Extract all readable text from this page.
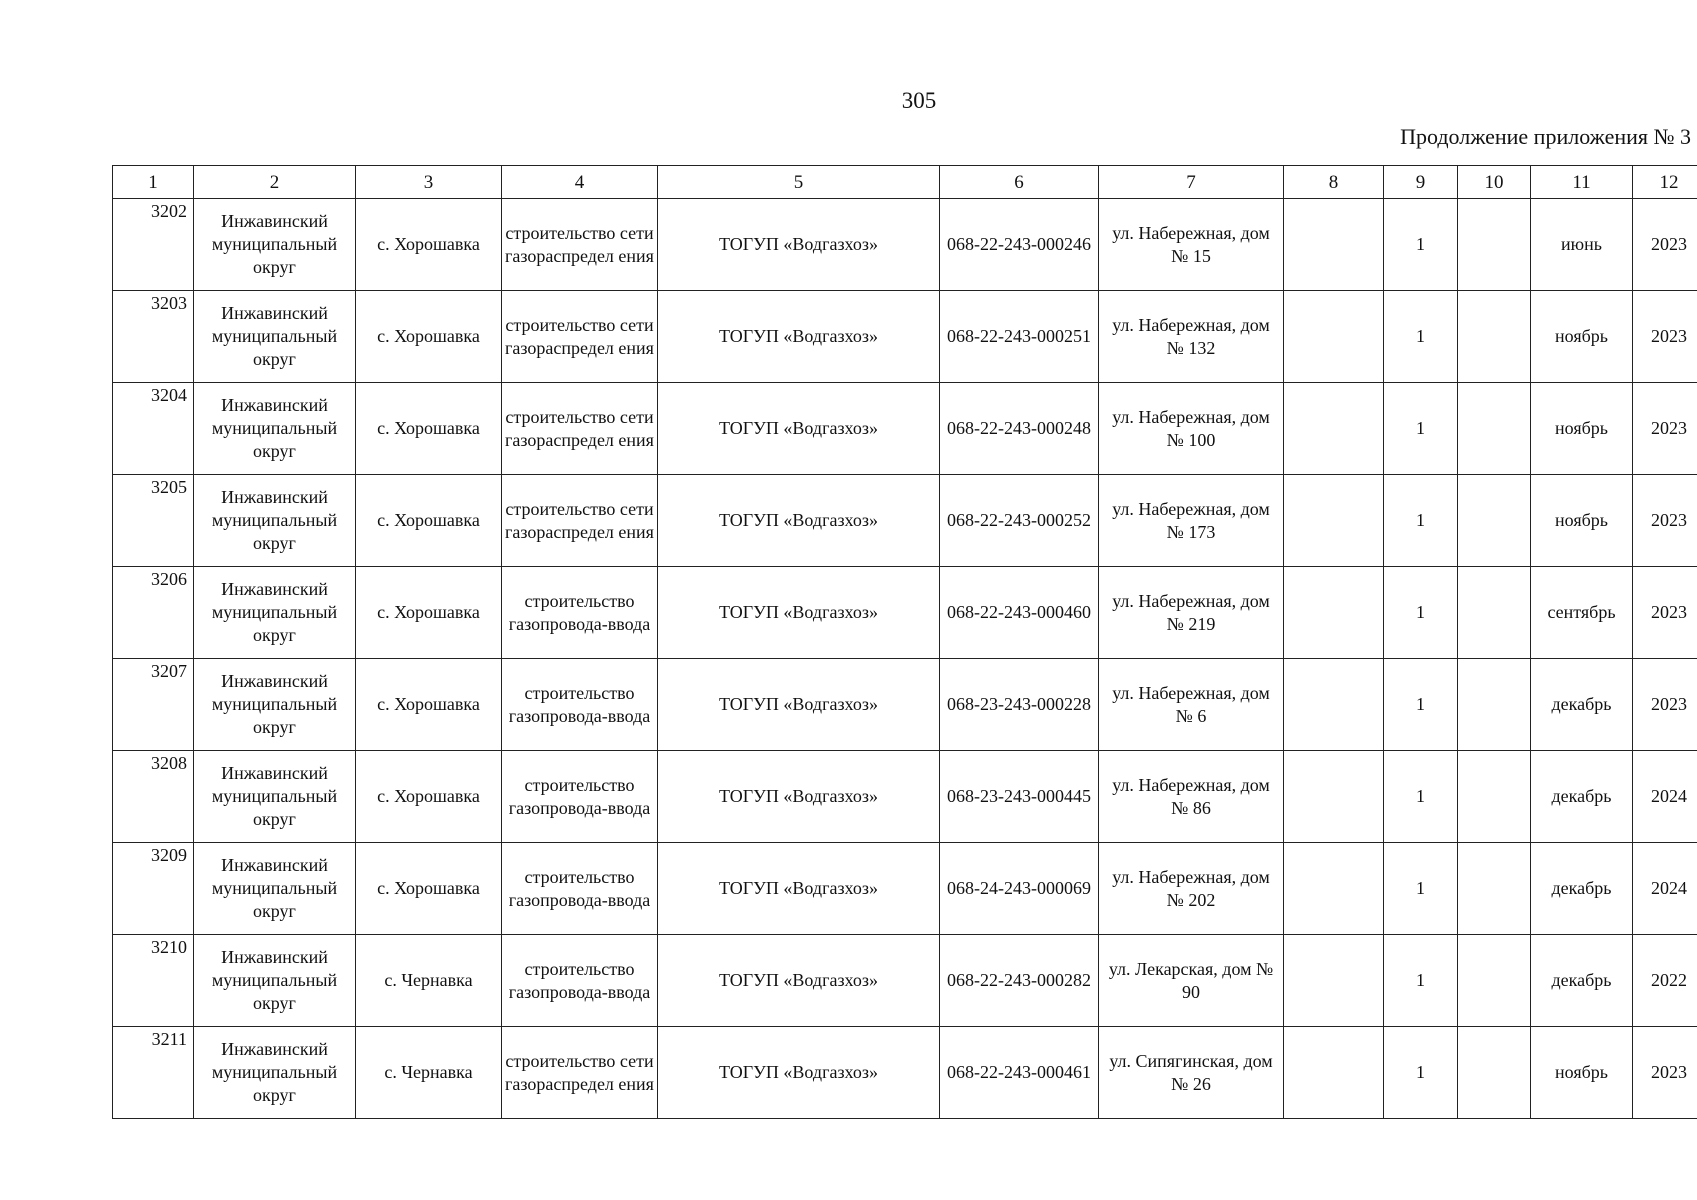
305
Продолжение приложения № 3
1	2	3	4	5	6	7	8	9	10	11	12
3202	Инжавинский муниципальный округ	с. Хорошавка	строительство сети газораспредел ения	ТОГУП «Водгазхоз»	068-22-243-000246	ул. Набережная, дом № 15		1		июнь	2023
3203	Инжавинский муниципальный округ	с. Хорошавка	строительство сети газораспредел ения	ТОГУП «Водгазхоз»	068-22-243-000251	ул. Набережная, дом № 132		1		ноябрь	2023
3204	Инжавинский муниципальный округ	с. Хорошавка	строительство сети газораспредел ения	ТОГУП «Водгазхоз»	068-22-243-000248	ул. Набережная, дом № 100		1		ноябрь	2023
3205	Инжавинский муниципальный округ	с. Хорошавка	строительство сети газораспредел ения	ТОГУП «Водгазхоз»	068-22-243-000252	ул. Набережная, дом № 173		1		ноябрь	2023
3206	Инжавинский муниципальный округ	с. Хорошавка	строительство газопровода-ввода	ТОГУП «Водгазхоз»	068-22-243-000460	ул. Набережная, дом № 219		1		сентябрь	2023
3207	Инжавинский муниципальный округ	с. Хорошавка	строительство газопровода-ввода	ТОГУП «Водгазхоз»	068-23-243-000228	ул. Набережная, дом № 6		1		декабрь	2023
3208	Инжавинский муниципальный округ	с. Хорошавка	строительство газопровода-ввода	ТОГУП «Водгазхоз»	068-23-243-000445	ул. Набережная, дом № 86		1		декабрь	2024
3209	Инжавинский муниципальный округ	с. Хорошавка	строительство газопровода-ввода	ТОГУП «Водгазхоз»	068-24-243-000069	ул. Набережная, дом № 202		1		декабрь	2024
3210	Инжавинский муниципальный округ	с. Чернавка	строительство газопровода-ввода	ТОГУП «Водгазхоз»	068-22-243-000282	ул. Лекарская, дом № 90		1		декабрь	2022
3211	Инжавинский муниципальный округ	с. Чернавка	строительство сети газораспредел ения	ТОГУП «Водгазхоз»	068-22-243-000461	ул. Сипягинская, дом № 26		1		ноябрь	2023
